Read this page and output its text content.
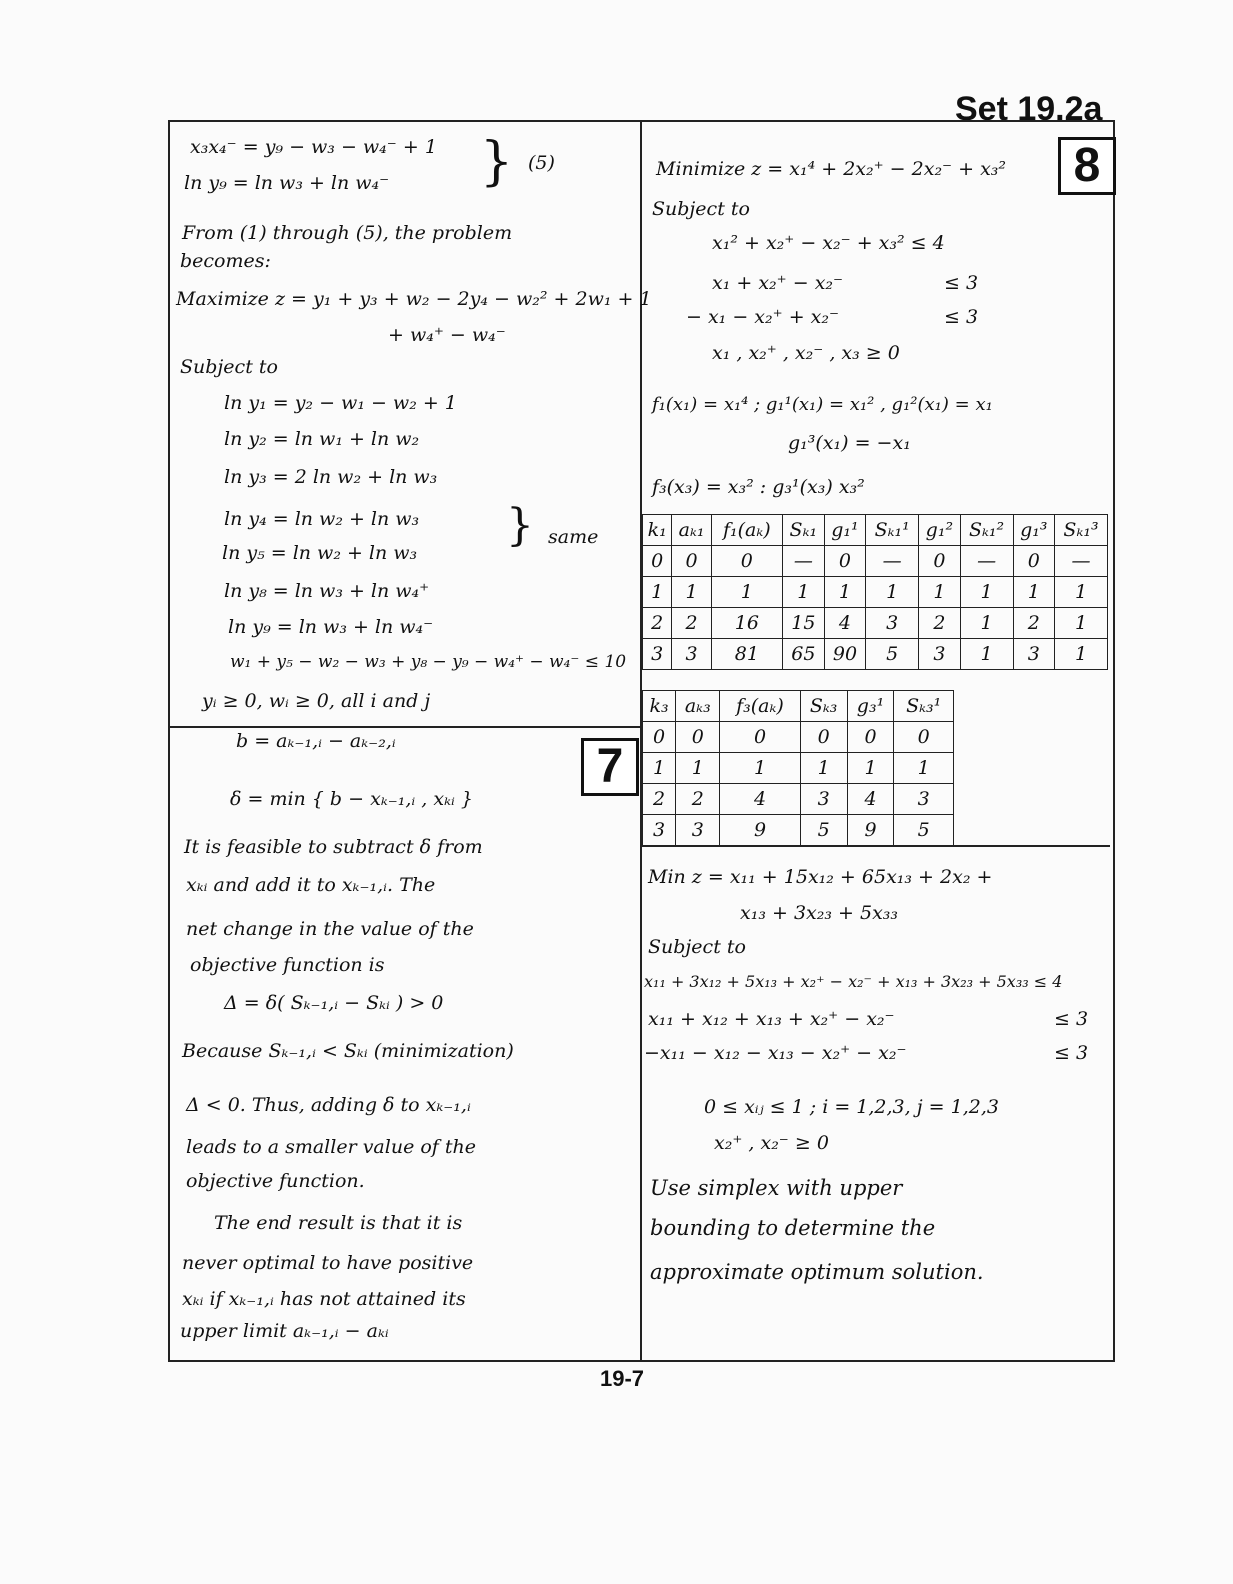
Set 19.2a
8
7
x₃x₄⁻ = y₉ − w₃ − w₄⁻ + 1
ln y₉ = ln w₃ + ln w₄⁻ } (5)
From (1) through (5), the problem
becomes:
Maximize z = y₁ + y₃ + w₂ − 2y₄ − w₂² + 2w₁ + 1
+ w₄⁺ − w₄⁻
Subject to
ln y₁ = y₂ − w₁ − w₂ + 1
ln y₂ = ln w₁ + ln w₂
ln y₃ = 2 ln w₂ + ln w₃
ln y₄ = ln w₂ + ln w₃
ln y₅ = ln w₂ + ln w₃
} same
ln y₈ = ln w₃ + ln w₄⁺
ln y₉ = ln w₃ + ln w₄⁻
w₁ + y₅ − w₂ − w₃ + y₈ − y₉ − w₄⁺ − w₄⁻ ≤ 10
yᵢ ≥ 0, wᵢ ≥ 0, all i and j
b = aₖ₋₁,ᵢ − aₖ₋₂,ᵢ
δ = min { b − xₖ₋₁,ᵢ , xₖᵢ }
It is feasible to subtract δ from
xₖᵢ and add it to xₖ₋₁,ᵢ. The
net change in the value of the
objective function is
Δ = δ( Sₖ₋₁,ᵢ − Sₖᵢ ) > 0
Because Sₖ₋₁,ᵢ < Sₖᵢ (minimization)
Δ < 0. Thus, adding δ to xₖ₋₁,ᵢ
leads to a smaller value of the
objective function.
The end result is that it is
never optimal to have positive
xₖᵢ if xₖ₋₁,ᵢ has not attained its
upper limit aₖ₋₁,ᵢ − aₖᵢ
Minimize z = x₁⁴ + 2x₂⁺ − 2x₂⁻ + x₃²
Subject to
x₁² + x₂⁺ − x₂⁻ + x₃² ≤ 4
x₁ + x₂⁺ − x₂⁻	≤ 3
− x₁ − x₂⁺ + x₂⁻	≤ 3
x₁ , x₂⁺ , x₂⁻ , x₃ ≥ 0
f₁(x₁) = x₁⁴ ; g₁¹(x₁) = x₁² , g₁²(x₁) = x₁
g₁³(x₁) = −x₁
f₃(x₃) = x₃² : g₃¹(x₃) x₃²
k₁	aₖ₁	f₁(aₖ)	Sₖ₁	g₁¹	Sₖ₁¹	g₁²	Sₖ₁²	g₁³	Sₖ₁³
0	0	0	—	0	—	0	—	0	—
1	1	1	1	1	1	1	1	1	1
2	2	16	15	4	3	2	1	2	1
3	3	81	65	90	5	3	1	3	1
k₃	aₖ₃	f₃(aₖ)	Sₖ₃	g₃¹	Sₖ₃¹
0	0	0	0	0	0
1	1	1	1	1	1
2	2	4	3	4	3
3	3	9	5	9	5
Min z = x₁₁ + 15x₁₂ + 65x₁₃ + 2x₂ +
x₁₃ + 3x₂₃ + 5x₃₃
Subject to
x₁₁ + 3x₁₂ + 5x₁₃ + x₂⁺ − x₂⁻ + x₁₃ + 3x₂₃ + 5x₃₃ ≤ 4
x₁₁ + x₁₂ + x₁₃ + x₂⁺ − x₂⁻	≤ 3
−x₁₁ − x₁₂ − x₁₃ − x₂⁺ − x₂⁻	≤ 3
0 ≤ xᵢⱼ ≤ 1 ; i = 1,2,3, j = 1,2,3
x₂⁺ , x₂⁻ ≥ 0
Use simplex with upper
bounding to determine the
approximate optimum solution.
19-7
